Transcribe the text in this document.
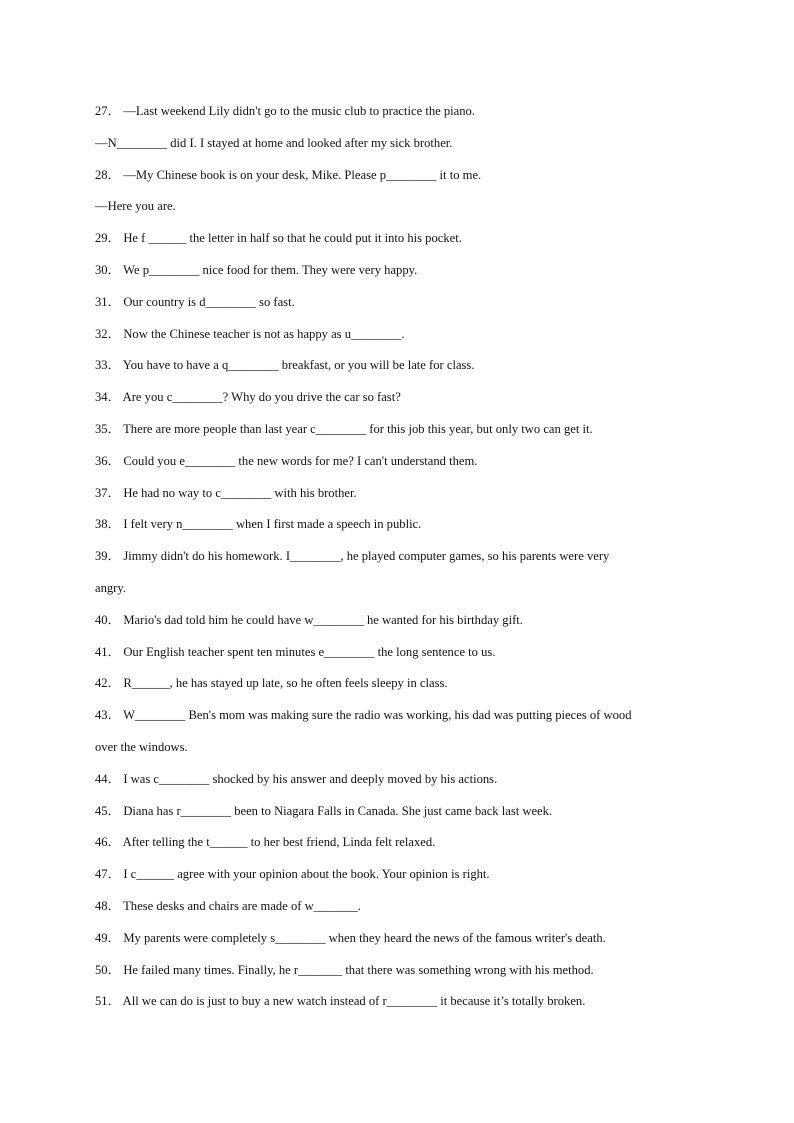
27． —Last weekend Lily didn't go to the music club to practice the piano.
—N________ did I. I stayed at home and looked after my sick brother.
28． —My Chinese book is on your desk, Mike. Please p________ it to me.
—Here you are.
29． He f ______ the letter in half so that he could put it into his pocket.
30． We p________ nice food for them. They were very happy.
31． Our country is d________ so fast.
32． Now the Chinese teacher is not as happy as u________.
33． You have to have a q________ breakfast, or you will be late for class.
34． Are you c________? Why do you drive the car so fast?
35． There are more people than last year c________ for this job this year, but only two can get it.
36． Could you e________ the new words for me? I can't understand them.
37． He had no way to c________ with his brother.
38． I felt very n________ when I first made a speech in public.
39． Jimmy didn't do his homework. I________, he played computer games, so his parents were very
angry.
40． Mario's dad told him he could have w________ he wanted for his birthday gift.
41． Our English teacher spent ten minutes e________ the long sentence to us.
42． R______, he has stayed up late, so he often feels sleepy in class.
43． W________ Ben's mom was making sure the radio was working, his dad was putting pieces of wood
over the windows.
44． I was c________ shocked by his answer and deeply moved by his actions.
45． Diana has r________ been to Niagara Falls in Canada. She just came back last week.
46． After telling the t______ to her best friend, Linda felt relaxed.
47． I c______ agree with your opinion about the book. Your opinion is right.
48． These desks and chairs are made of w_______.
49． My parents were completely s________ when they heard the news of the famous writer's death.
50． He failed many times. Finally, he r_______ that there was something wrong with his method.
51． All we can do is just to buy a new watch instead of r________ it because it’s totally broken.
